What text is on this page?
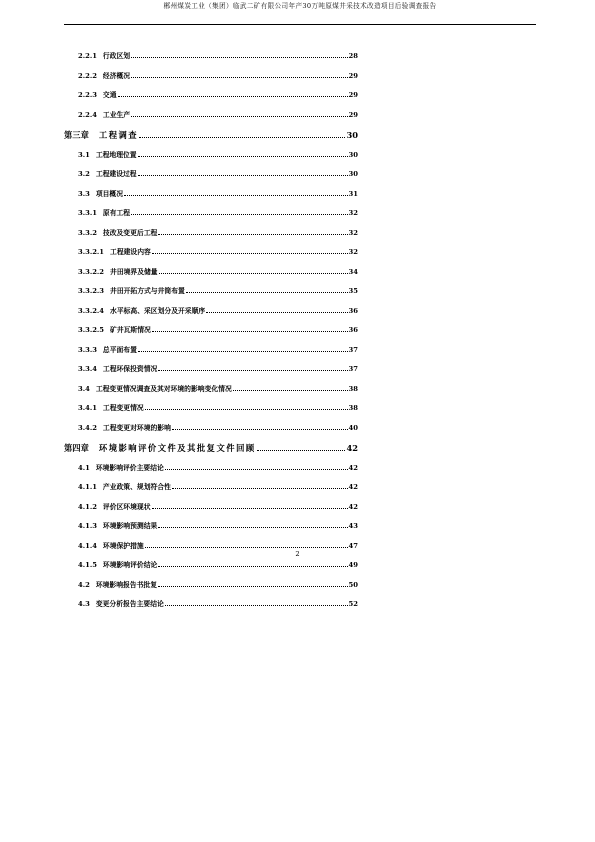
郴州煤炭工业（集团）临武二矿有限公司年产30万吨原煤井采技术改造项目后验调查报告
2.2.1 行政区划	28
2.2.2 经济概况	29
2.2.3 交通	29
2.2.4 工业生产	29
第三章 工程调查	30
3.1 工程地理位置	30
3.2 工程建设过程	30
3.3 项目概况	31
3.3.1 原有工程	32
3.3.2 技改及变更后工程	32
3.3.2.1 工程建设内容	32
3.3.2.2 井田境界及储量	34
3.3.2.3 井田开拓方式与井筒布置	35
3.3.2.4 水平标高、采区划分及开采顺序	36
3.3.2.5 矿井瓦斯情况	36
3.3.3 总平面布置	37
3.3.4 工程环保投资情况	37
3.4 工程变更情况调查及其对环境的影响变化情况	38
3.4.1 工程变更情况	38
3.4.2 工程变更对环境的影响	40
第四章 环境影响评价文件及其批复文件回顾	42
4.1 环境影响评价主要结论	42
4.1.1 产业政策、规划符合性	42
4.1.2 评价区环境现状	42
4.1.3 环境影响预测结果	43
4.1.4 环境保护措施	47
4.1.5 环境影响评价结论	49
4.2 环境影响报告书批复	50
4.3 变更分析报告主要结论	52
2
